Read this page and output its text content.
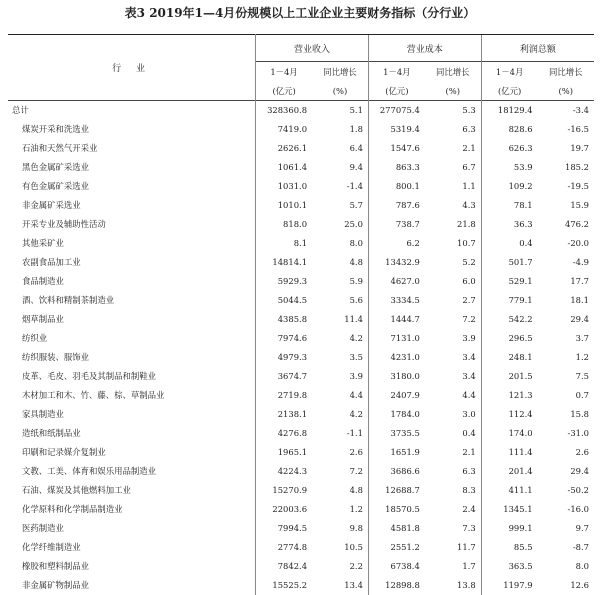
表3 2019年1—4月份规模以上工业企业主要财务指标（分行业）
行 业	营业收入		营业成本		利润总额	
	1－4月	同比增长	1－4月	同比增长	1－4月	同比增长
	(亿元)	(%)	(亿元)	(%)	(亿元)	(%)
总计	328360.8	5.1	277075.4	5.3	18129.4	-3.4
煤炭开采和洗选业	7419.0	1.8	5319.4	6.3	828.6	-16.5
石油和天然气开采业	2626.1	6.4	1547.6	2.1	626.3	19.7
黑色金属矿采选业	1061.4	9.4	863.3	6.7	53.9	185.2
有色金属矿采选业	1031.0	-1.4	800.1	1.1	109.2	-19.5
非金属矿采选业	1010.1	5.7	787.6	4.3	78.1	15.9
开采专业及辅助性活动	818.0	25.0	738.7	21.8	36.3	476.2
其他采矿业	8.1	8.0	6.2	10.7	0.4	-20.0
农副食品加工业	14814.1	4.8	13432.9	5.2	501.7	-4.9
食品制造业	5929.3	5.9	4627.0	6.0	529.1	17.7
酒、饮料和精制茶制造业	5044.5	5.6	3334.5	2.7	779.1	18.1
烟草制品业	4385.8	11.4	1444.7	7.2	542.2	29.4
纺织业	7974.6	4.2	7131.0	3.9	296.5	3.7
纺织服装、服饰业	4979.3	3.5	4231.0	3.4	248.1	1.2
皮革、毛皮、羽毛及其制品和制鞋业	3674.7	3.9	3180.0	3.4	201.5	7.5
木材加工和木、竹、藤、棕、草制品业	2719.8	4.4	2407.9	4.4	121.3	0.7
家具制造业	2138.1	4.2	1784.0	3.0	112.4	15.8
造纸和纸制品业	4276.8	-1.1	3735.5	0.4	174.0	-31.0
印刷和记录媒介复制业	1965.1	2.6	1651.9	2.1	111.4	2.6
文教、工美、体育和娱乐用品制造业	4224.3	7.2	3686.6	6.3	201.4	29.4
石油、煤炭及其他燃料加工业	15270.9	4.8	12688.7	8.3	411.1	-50.2
化学原料和化学制品制造业	22003.6	1.2	18570.5	2.4	1345.1	-16.0
医药制造业	7994.5	9.8	4581.8	7.3	999.1	9.7
化学纤维制造业	2774.8	10.5	2551.2	11.7	85.5	-8.7
橡胶和塑料制品业	7842.4	2.2	6738.4	1.7	363.5	8.0
非金属矿物制品业	15525.2	13.4	12898.8	13.8	1197.9	12.6
